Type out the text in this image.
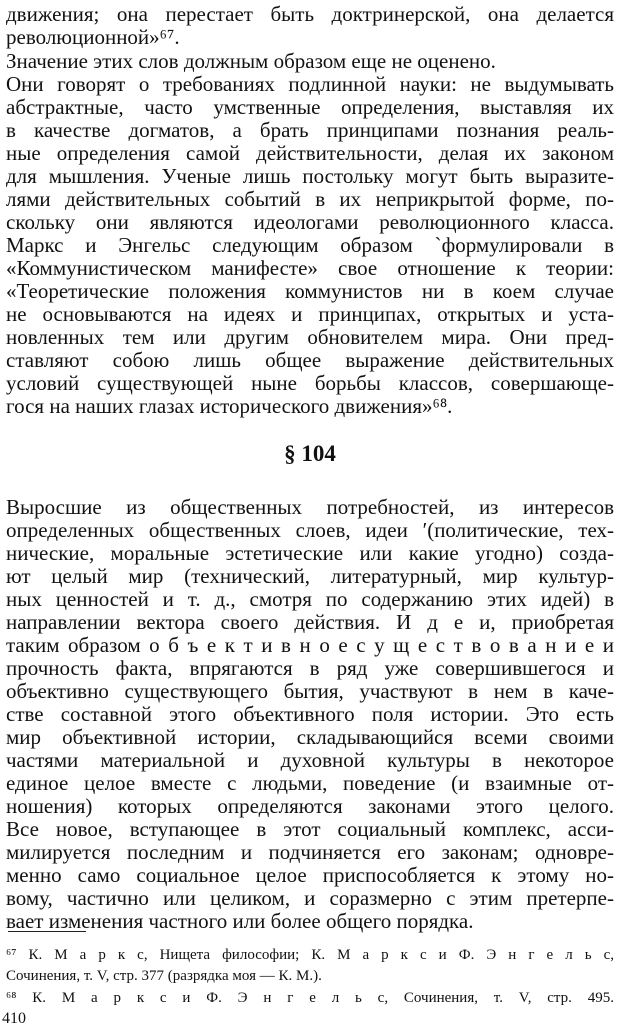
движения; она перестает быть доктринерской, она делается
революционной»⁶⁷.
Значение этих слов должным образом еще не оценено.
Они говорят о требованиях подлинной науки: не выдумывать
абстрактные, часто умственные определения, выставляя их
в качестве догматов, а брать принципами познания реаль-
ные определения самой действительности, делая их законом
для мышления. Ученые лишь постольку могут быть выразите-
лями действительных событий в их неприкрытой форме, по-
скольку они являются идеологами революционного класса.
Маркс и Энгельс следующим образом `формулировали в
«Коммунистическом манифесте» свое отношение к теории:
«Теоретические положения коммунистов ни в коем случае
не основываются на идеях и принципах, открытых и уста-
новленных тем или другим обновителем мира. Они пред-
ставляют собою лишь общее выражение действительных
условий существующей ныне борьбы классов, совершающе-
гося на наших глазах исторического движения»⁶⁸.
§ 104
Выросшие из общественных потребностей, из интересов
определенных общественных слоев, идеи ′(политические, тех-
нические, моральные эстетические или какие угодно) созда-
ют целый мир (технический, литературный, мир культур-
ных ценностей и т. д., смотря по содержанию этих идей) в
направлении вектора своего действия. И д е и, приобретая
таким образом о б ъ е к т и в н о е с у щ е с т в о в а н и е и
прочность факта, впрягаются в ряд уже совершившегося и
объективно существующего бытия, участвуют в нем в каче-
стве составной этого объективного поля истории. Это есть
мир объективной истории, складывающийся всеми своими
частями материальной и духовной культуры в некоторое
единое целое вместе с людьми, поведение (и взаимные от-
ношения) которых определяются законами этого целого.
Все новое, вступающее в этот социальный комплекс, асси-
милируется последним и подчиняется его законам; одновре-
менно само социальное целое приспособляется к этому но-
вому, частично или целиком, и соразмерно с этим претерпе-
вает изменения частного или более общего порядка.
⁶⁷ К. М а р к с, Нищета философии; К. М а р к с и Ф. Э н г е л ь с,
Сочинения, т. V, стр. 377 (разрядка моя — К. М.).
⁶⁸ К. М а р к с и Ф. Э н г е л ь с, Сочинения, т. V, стр. 495.
410
